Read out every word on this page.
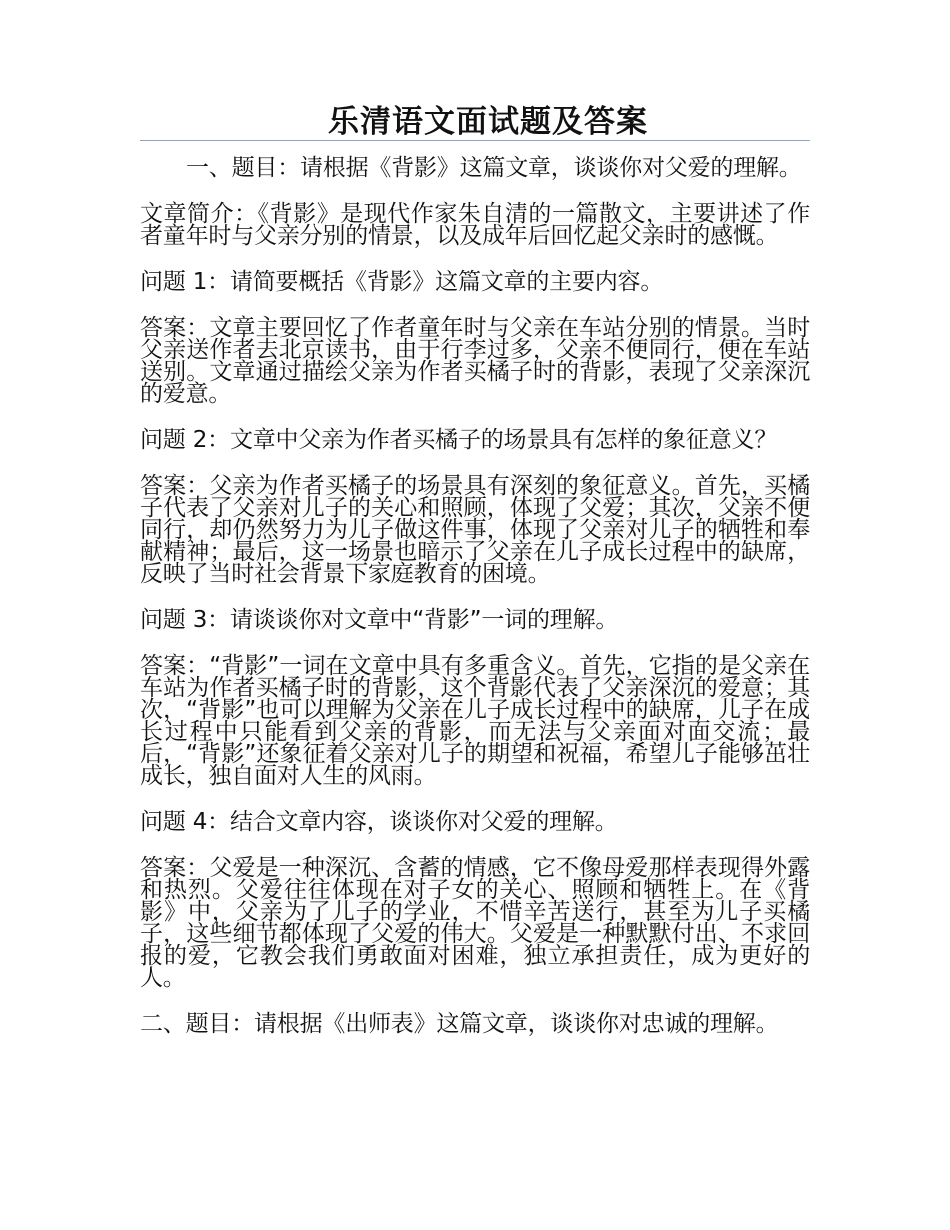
乐清语文面试题及答案

一、题目：请根据《背影》这篇文章，谈谈你对父爱的理解。

文章简介：《背影》是现代作家朱自清的一篇散文，主要讲述了作者童年时与父亲分别的情景，以及成年后回忆起父亲时的感慨。

问题 1：请简要概括《背影》这篇文章的主要内容。

答案：文章主要回忆了作者童年时与父亲在车站分别的情景。当时父亲送作者去北京读书，由于行李过多，父亲不便同行，便在车站送别。文章通过描绘父亲为作者买橘子时的背影，表现了父亲深沉的爱意。

问题 2：文章中父亲为作者买橘子的场景具有怎样的象征意义？

答案：父亲为作者买橘子的场景具有深刻的象征意义。首先，买橘子代表了父亲对儿子的关心和照顾，体现了父爱；其次，父亲不便同行，却仍然努力为儿子做这件事，体现了父亲对儿子的牺牲和奉献精神；最后，这一场景也暗示了父亲在儿子成长过程中的缺席，反映了当时社会背景下家庭教育的困境。

问题 3：请谈谈你对文章中“背影”一词的理解。

答案：“背影”一词在文章中具有多重含义。首先，它指的是父亲在车站为作者买橘子时的背影，这个背影代表了父亲深沉的爱意；其次，“背影”也可以理解为父亲在儿子成长过程中的缺席，儿子在成长过程中只能看到父亲的背影，而无法与父亲面对面交流；最后，“背影”还象征着父亲对儿子的期望和祝福，希望儿子能够茁壮成长，独自面对人生的风雨。

问题 4：结合文章内容，谈谈你对父爱的理解。

答案：父爱是一种深沉、含蓄的情感，它不像母爱那样表现得外露和热烈。父爱往往体现在对子女的关心、照顾和牺牲上。在《背影》中，父亲为了儿子的学业，不惜辛苦送行，甚至为儿子买橘子，这些细节都体现了父爱的伟大。父爱是一种默默付出、不求回报的爱，它教会我们勇敢面对困难，独立承担责任，成为更好的人。

二、题目：请根据《出师表》这篇文章，谈谈你对忠诚的理解。
